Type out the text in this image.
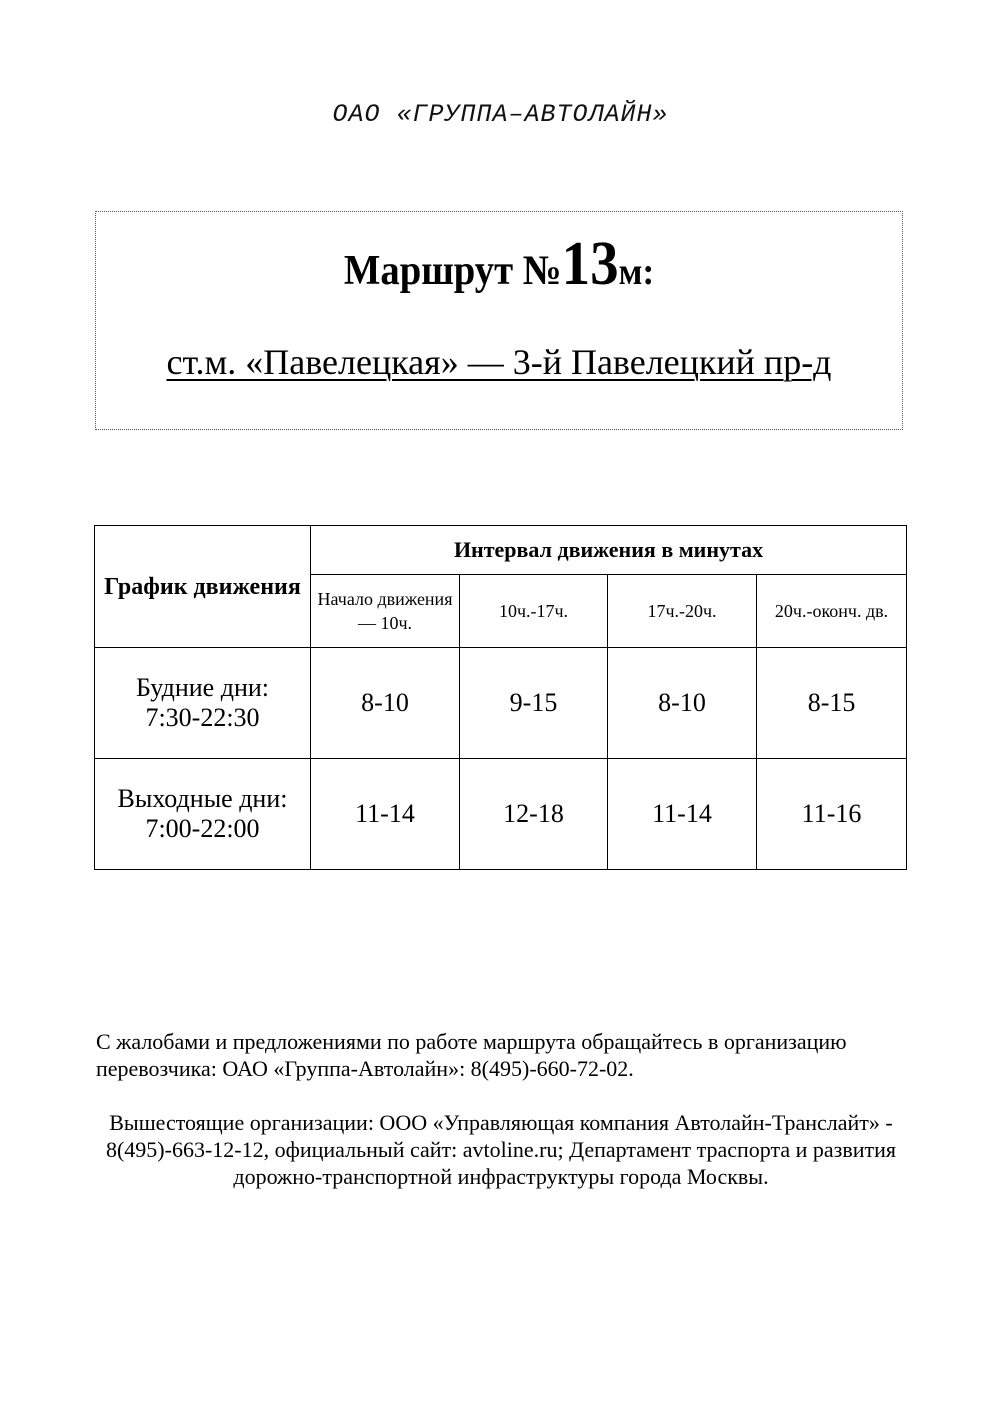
ОАО «ГРУППА–АВТОЛАЙН»
Маршрут №13м:
ст.м. «Павелецкая» — 3-й Павелецкий пр-д
График движения	Интервал движения в минутах			
	Начало движения — 10ч.	10ч.-17ч.	17ч.-20ч.	20ч.-оконч. дв.

Будние дни:
7:30-22:30	8-10	9-15	8-10	8-15

Выходные дни:
7:00-22:00	11-14	12-18	11-14	11-16
С жалобами и предложениями по работе маршрута обращайтесь в организацию перевозчика: ОАО «Группа-Автолайн»: 8(495)-660-72-02.
Вышестоящие организации: ООО «Управляющая компания Автолайн-Транслайт» - 8(495)-663-12-12, официальный сайт: avtoline.ru; Департамент траспорта и развития дорожно-транспортной инфраструктуры города Москвы.
